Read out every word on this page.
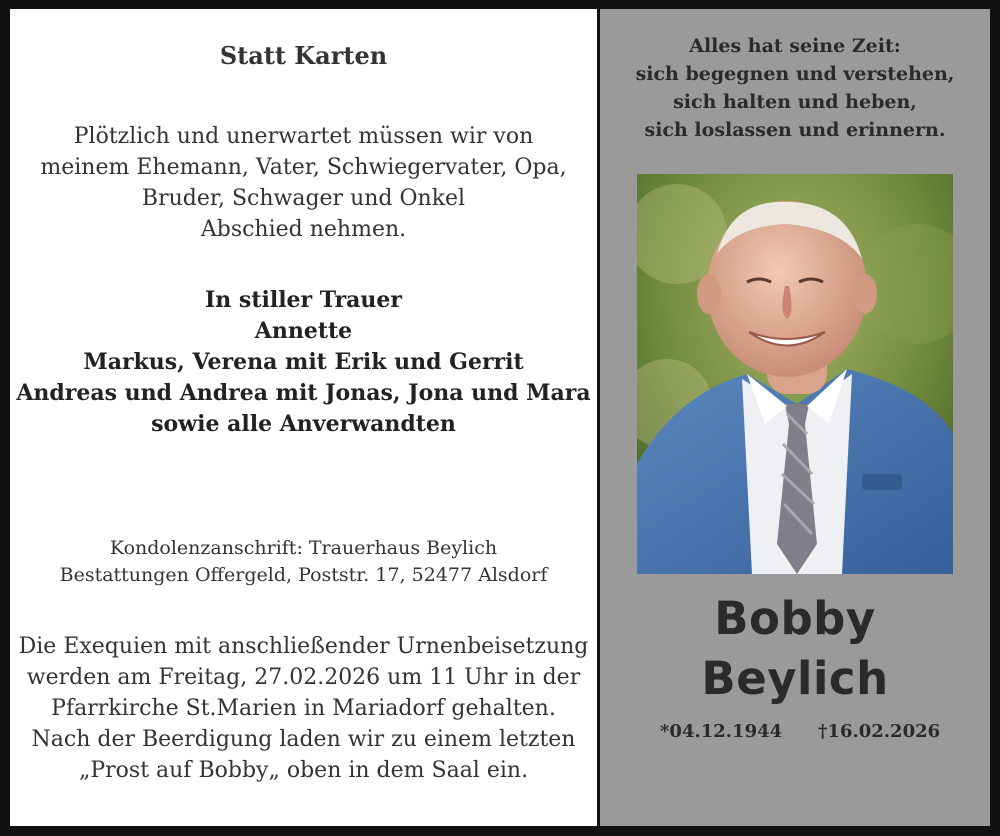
Statt Karten
Plötzlich und unerwartet müssen wir von
meinem Ehemann, Vater, Schwiegervater, Opa,
Bruder, Schwager und Onkel
Abschied nehmen.
In stiller Trauer
Annette
Markus, Verena mit Erik und Gerrit
Andreas und Andrea mit Jonas, Jona und Mara
sowie alle Anverwandten
Kondolenzanschrift: Trauerhaus Beylich
Bestattungen Offergeld, Poststr. 17, 52477 Alsdorf
Die Exequien mit anschließender Urnenbeisetzung
werden am Freitag, 27.02.2026 um 11 Uhr in der
Pfarrkirche St.Marien in Mariadorf gehalten.
Nach der Beerdigung laden wir zu einem letzten
„Prost auf Bobby„ oben in dem Saal ein.
Alles hat seine Zeit:
sich begegnen und verstehen,
sich halten und heben,
sich loslassen und erinnern.
Bobby
Beylich
*04.12.1944 †16.02.2026
